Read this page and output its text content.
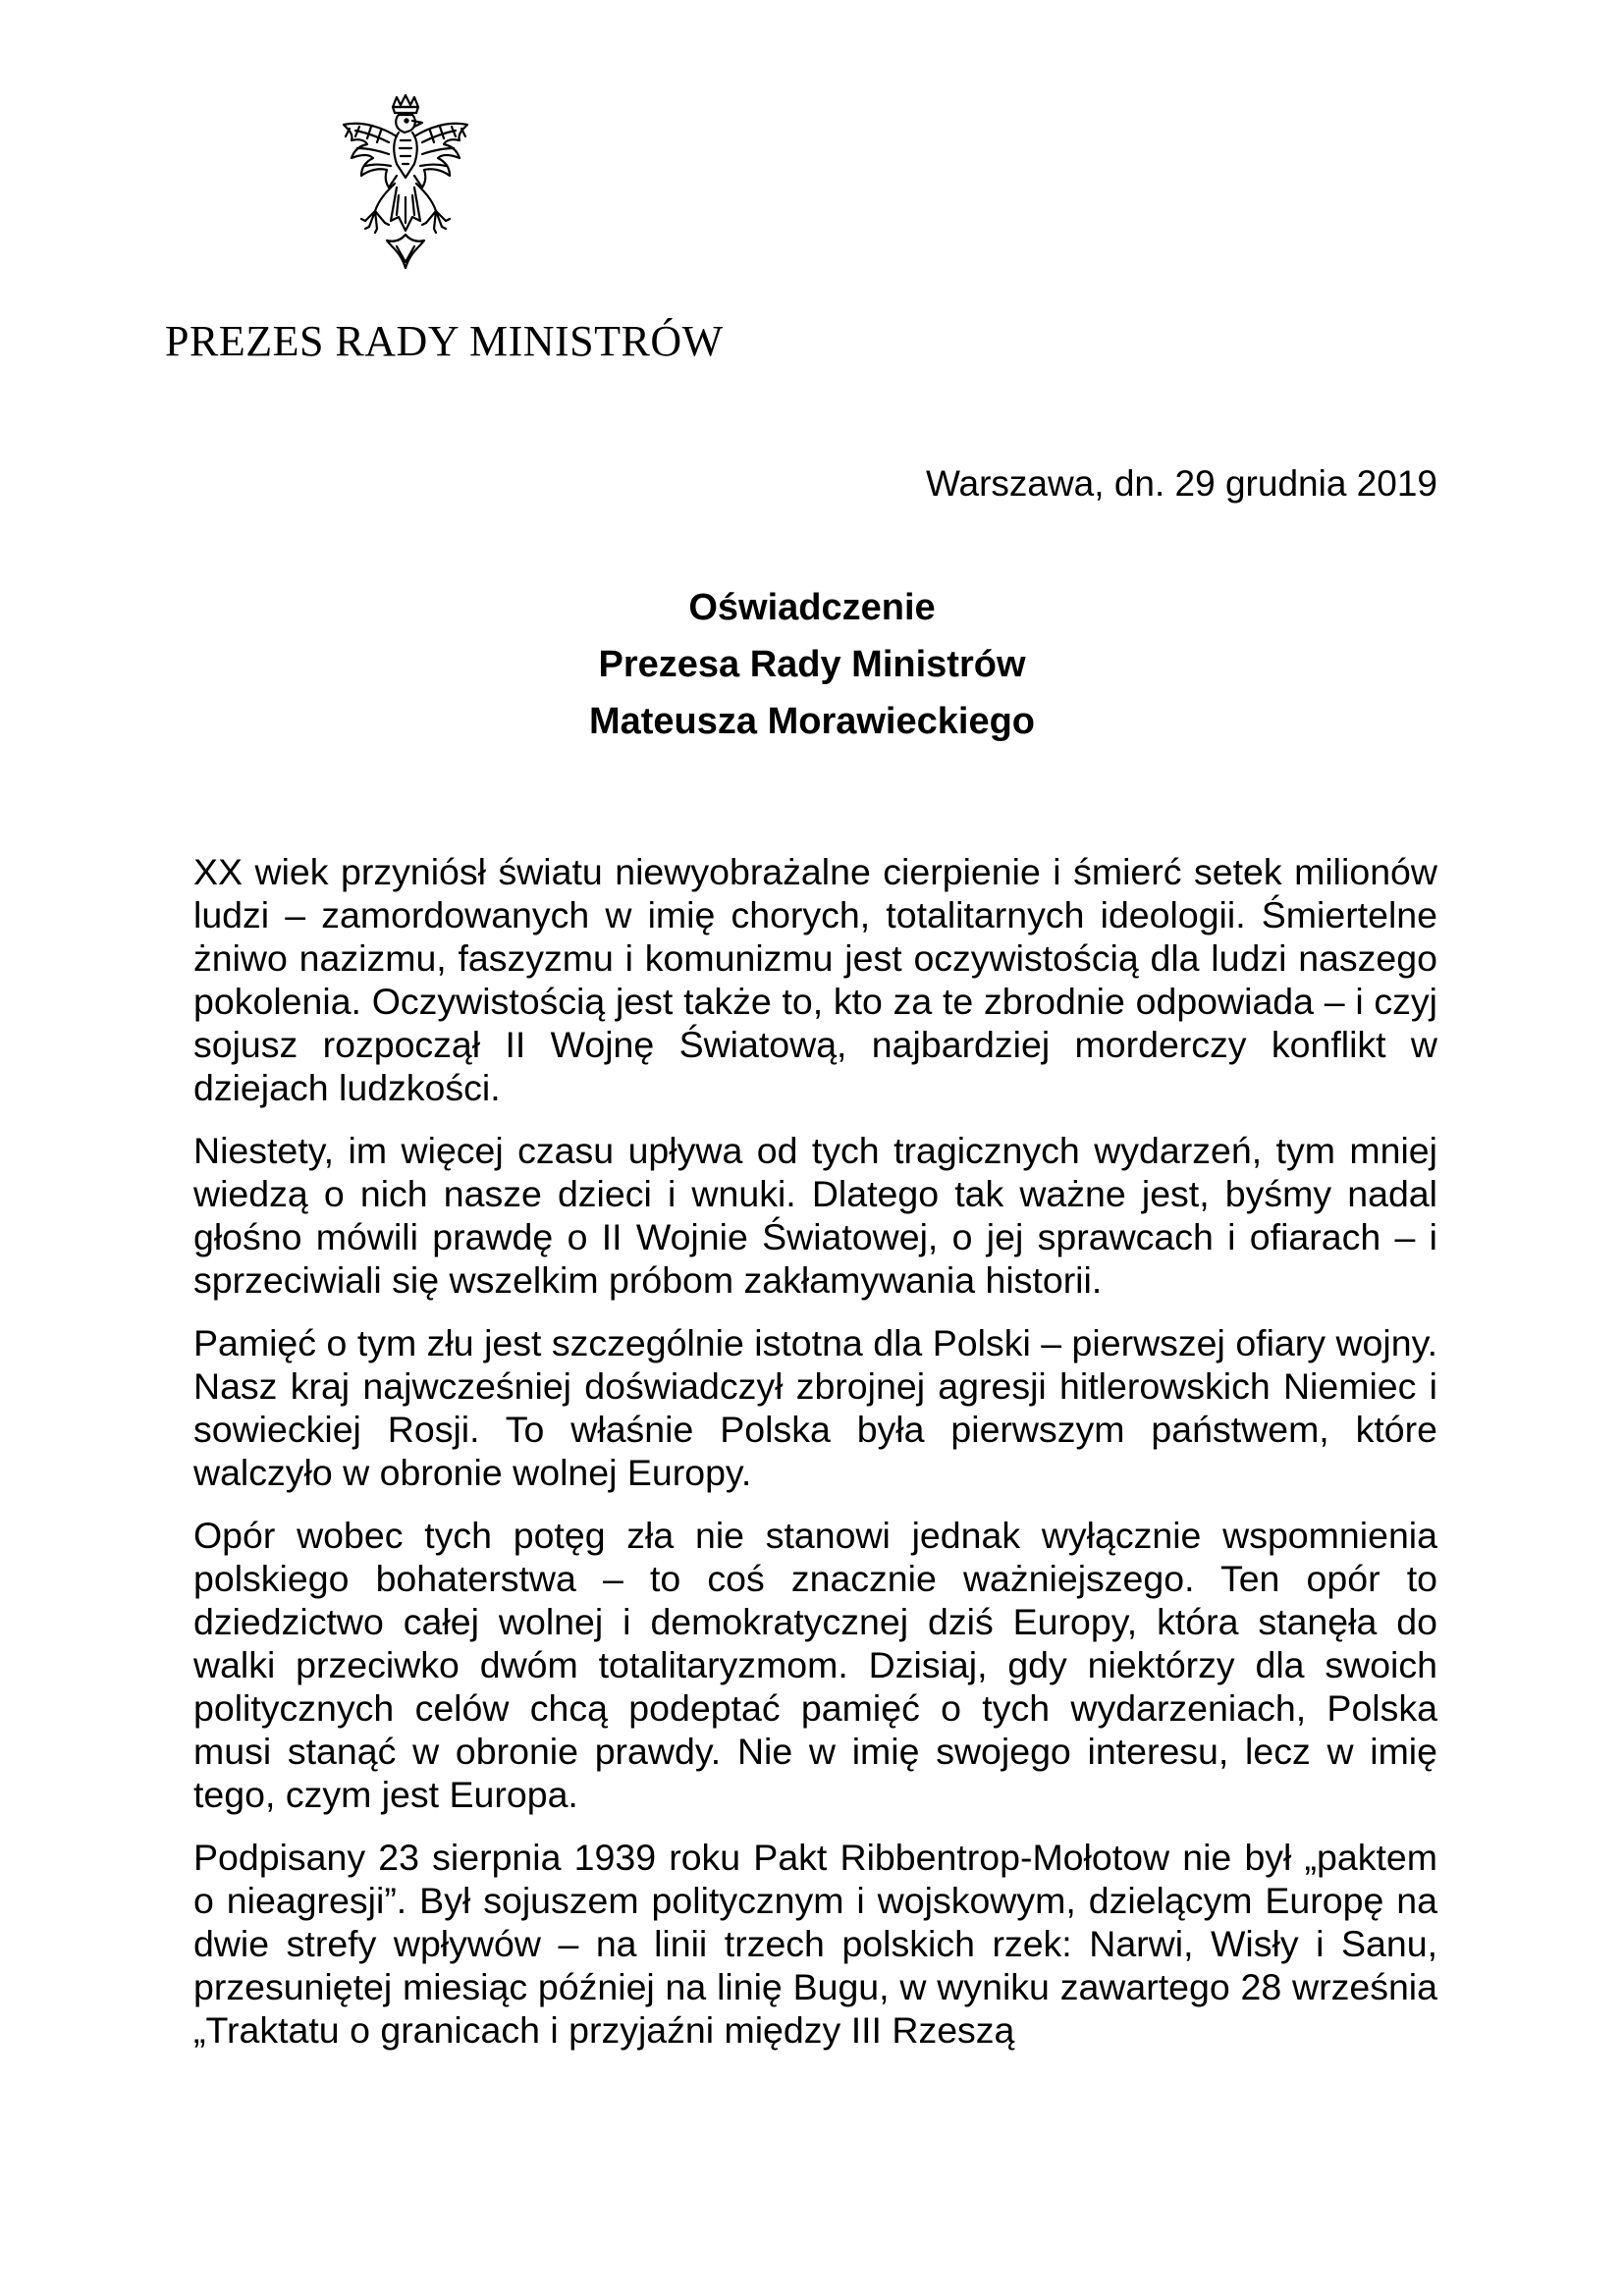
PREZES RADY MINISTRÓW
Warszawa, dn. 29 grudnia 2019
Oświadczenie
Prezesa Rady Ministrów
Mateusza Morawieckiego

XX wiek przyniósł światu niewyobrażalne cierpienie i śmierć setek milionów ludzi – zamordowanych w imię chorych, totalitarnych ideologii. Śmiertelne żniwo nazizmu, faszyzmu i komunizmu jest oczywistością dla ludzi naszego pokolenia. Oczywistością jest także to, kto za te zbrodnie odpowiada – i czyj sojusz rozpoczął II Wojnę Światową, najbardziej morderczy konflikt w dziejach ludzkości.

Niestety, im więcej czasu upływa od tych tragicznych wydarzeń, tym mniej wiedzą o nich nasze dzieci i wnuki. Dlatego tak ważne jest, byśmy nadal głośno mówili prawdę o II Wojnie Światowej, o jej sprawcach i ofiarach – i sprzeciwiali się wszelkim próbom zakłamywania historii.

Pamięć o tym złu jest szczególnie istotna dla Polski – pierwszej ofiary wojny. Nasz kraj najwcześniej doświadczył zbrojnej agresji hitlerowskich Niemiec i sowieckiej Rosji. To właśnie Polska była pierwszym państwem, które walczyło w obronie wolnej Europy.

Opór wobec tych potęg zła nie stanowi jednak wyłącznie wspomnienia polskiego bohaterstwa – to coś znacznie ważniejszego. Ten opór to dziedzictwo całej wolnej i demokratycznej dziś Europy, która stanęła do walki przeciwko dwóm totalitaryzmom. Dzisiaj, gdy niektórzy dla swoich politycznych celów chcą podeptać pamięć o tych wydarzeniach, Polska musi stanąć w obronie prawdy. Nie w imię swojego interesu, lecz w imię tego, czym jest Europa.

Podpisany 23 sierpnia 1939 roku Pakt Ribbentrop-Mołotow nie był „paktem o nieagresji”. Był sojuszem politycznym i wojskowym, dzielącym Europę na dwie strefy wpływów – na linii trzech polskich rzek: Narwi, Wisły i Sanu, przesuniętej miesiąc później na linię Bugu, w wyniku zawartego 28 września „Traktatu o granicach i przyjaźni między III Rzeszą
